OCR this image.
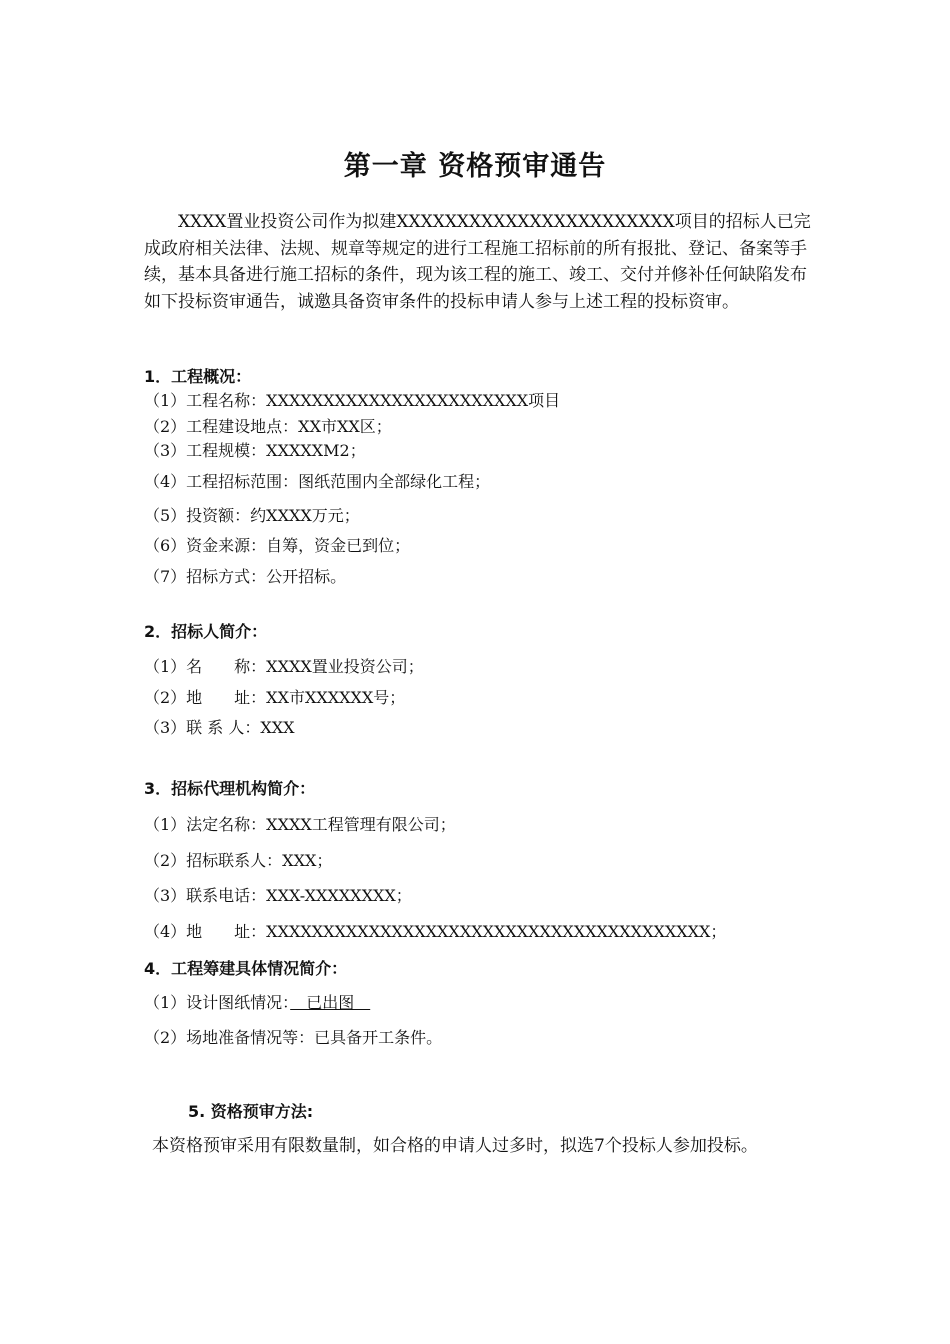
第一章 资格预审通告
XXXX置业投资公司作为拟建XXXXXXXXXXXXXXXXXXXXXXX项目的招标人已完成政府相关法律、法规、规章等规定的进行工程施工招标前的所有报批、登记、备案等手续，基本具备进行施工招标的条件，现为该工程的施工、竣工、交付并修补任何缺陷发布如下投标资审通告，诚邀具备资审条件的投标申请人参与上述工程的投标资审。
1．工程概况：
（1）工程名称：XXXXXXXXXXXXXXXXXXXXXXX项目
（2）工程建设地点：XX市XX区；
（3）工程规模：XXXXXM2；
（4）工程招标范围：图纸范围内全部绿化工程；
（5）投资额：约XXXX万元；
（6）资金来源：自筹，资金已到位；
（7）招标方式：公开招标。
2．招标人简介：
（1）名　　称：XXXX置业投资公司；
（2）地　　址：XX市XXXXXX号；
（3）联 系 人：XXX
3．招标代理机构简介：
（1）法定名称：XXXX工程管理有限公司；
（2）招标联系人：XXX；
（3）联系电话：XXX-XXXXXXXX；
（4）地　　址：XXXXXXXXXXXXXXXXXXXXXXXXXXXXXXXXXXXXXXX；
4．工程筹建具体情况简介：
（1）设计图纸情况：　已出图　
（2）场地准备情况等：已具备开工条件。
5. 资格预审方法:
本资格预审采用有限数量制，如合格的申请人过多时，拟选7个投标人参加投标。
